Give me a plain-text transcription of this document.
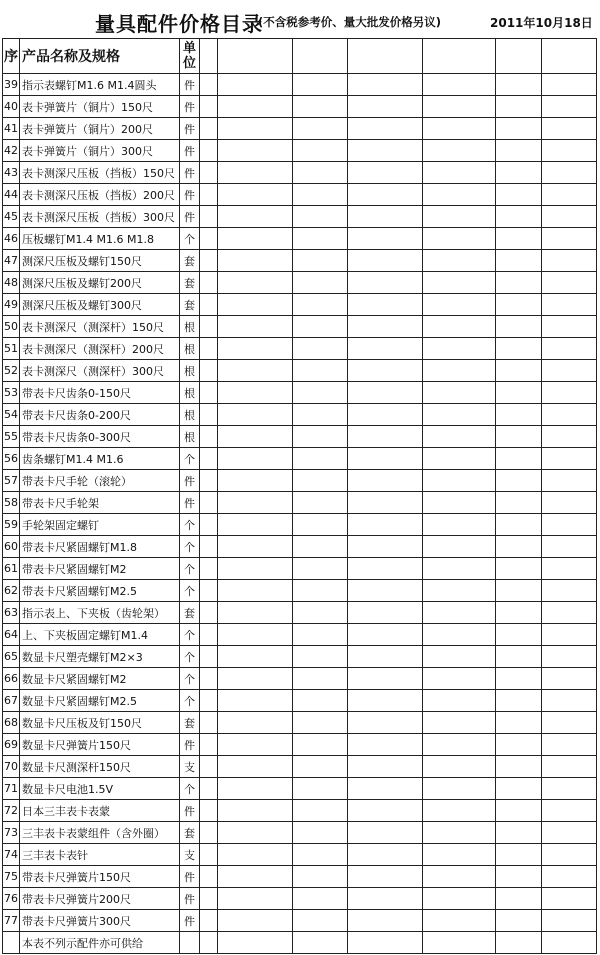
量具配件价格目录
(不含税参考价、量大批发价格另议)	2011年10月18日
序	产品名称及规格	单位							
39	指示表螺钉M1.6 M1.4圆头	件							
40	表卡弹簧片（铜片）150尺	件							
41	表卡弹簧片（铜片）200尺	件							
42	表卡弹簧片（铜片）300尺	件							
43	表卡测深尺压板（挡板）150尺	件							
44	表卡测深尺压板（挡板）200尺	件							
45	表卡测深尺压板（挡板）300尺	件							
46	压板螺钉M1.4 M1.6 M1.8	个							
47	测深尺压板及螺钉150尺	套							
48	测深尺压板及螺钉200尺	套							
49	测深尺压板及螺钉300尺	套							
50	表卡测深尺（测深杆）150尺	根							
51	表卡测深尺（测深杆）200尺	根							
52	表卡测深尺（测深杆）300尺	根							
53	带表卡尺齿条0-150尺	根							
54	带表卡尺齿条0-200尺	根							
55	带表卡尺齿条0-300尺	根							
56	齿条螺钉M1.4 M1.6	个							
57	带表卡尺手轮（滚轮）	件							
58	带表卡尺手轮架	件							
59	手轮架固定螺钉	个							
60	带表卡尺紧固螺钉M1.8	个							
61	带表卡尺紧固螺钉M2	个							
62	带表卡尺紧固螺钉M2.5	个							
63	指示表上、下夹板（齿轮架）	套							
64	上、下夹板固定螺钉M1.4	个							
65	数显卡尺塑壳螺钉M2×3	个							
66	数显卡尺紧固螺钉M2	个							
67	数显卡尺紧固螺钉M2.5	个							
68	数显卡尺压板及钉150尺	套							
69	数显卡尺弹簧片150尺	件							
70	数显卡尺测深杆150尺	支							
71	数显卡尺电池1.5V	个							
72	日本三丰表卡表蒙	件							
73	三丰表卡表蒙组件（含外圈）	套							
74	三丰表卡表针	支							
75	带表卡尺弹簧片150尺	件							
76	带表卡尺弹簧片200尺	件							
77	带表卡尺弹簧片300尺	件							
	本表不列示配件亦可供给								
